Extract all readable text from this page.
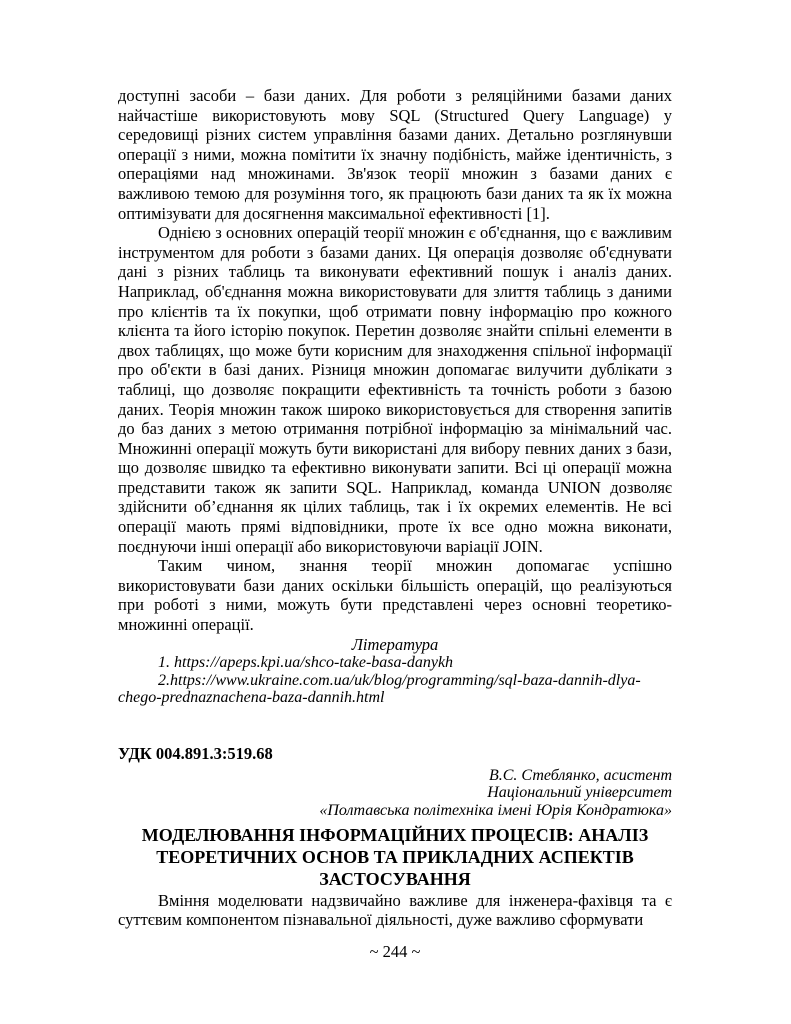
доступні засоби – бази даних. Для роботи з реляційними базами даних найчастіше використовують мову SQL (Structured Query Language) у середовищі різних систем управління базами даних. Детально розглянувши операції з ними, можна помітити їх значну подібність, майже ідентичність, з операціями над множинами. Зв'язок теорії множин з базами даних є важливою темою для розуміння того, як працюють бази даних та як їх можна оптимізувати для досягнення максимальної ефективності [1].

Однією з основних операцій теорії множин є об'єднання, що є важливим інструментом для роботи з базами даних. Ця операція дозволяє об'єднувати дані з різних таблиць та виконувати ефективний пошук і аналіз даних. Наприклад, об'єднання можна використовувати для злиття таблиць з даними про клієнтів та їх покупки, щоб отримати повну інформацію про кожного клієнта та його історію покупок. Перетин дозволяє знайти спільні елементи в двох таблицях, що може бути корисним для знаходження спільної інформації про об'єкти в базі даних. Різниця множин допомагає вилучити дублікати з таблиці, що дозволяє покращити ефективність та точність роботи з базою даних. Теорія множин також широко використовується для створення запитів до баз даних з метою отримання потрібної інформацію за мінімальний час. Множинні операції можуть бути використані для вибору певних даних з бази, що дозволяє швидко та ефективно виконувати запити. Всі ці операції можна представити також як запити SQL. Наприклад, команда UNION дозволяє здійснити об’єднання як цілих таблиць, так і їх окремих елементів. Не всі операції мають прямі відповідники, проте їх все одно можна виконати, поєднуючи інші операції або використовуючи варіації JOIN.

Таким чином, знання теорії множин допомагає успішно використовувати бази даних оскільки більшість операцій, що реалізуються при роботі з ними, можуть бути представлені через основні теоретико-множинні операції.

Література

1. https://apeps.kpi.ua/shco-take-basa-danykh

2.https://www.ukraine.com.ua/uk/blog/programming/sql-baza-dannih-dlya-chego-prednaznachena-baza-dannih.html

УДК 004.891.3:519.68

В.С. Стеблянко, асистент

Національний університет

«Полтавська політехніка імені Юрія Кондратюка»

МОДЕЛЮВАННЯ ІНФОРМАЦІЙНИХ ПРОЦЕСІВ: АНАЛІЗ ТЕОРЕТИЧНИХ ОСНОВ ТА ПРИКЛАДНИХ АСПЕКТІВ ЗАСТОСУВАННЯ

Вміння моделювати надзвичайно важливе для інженера-фахівця та є суттєвим компонентом пізнавальної діяльності, дуже важливо сформувати

~ 244 ~
